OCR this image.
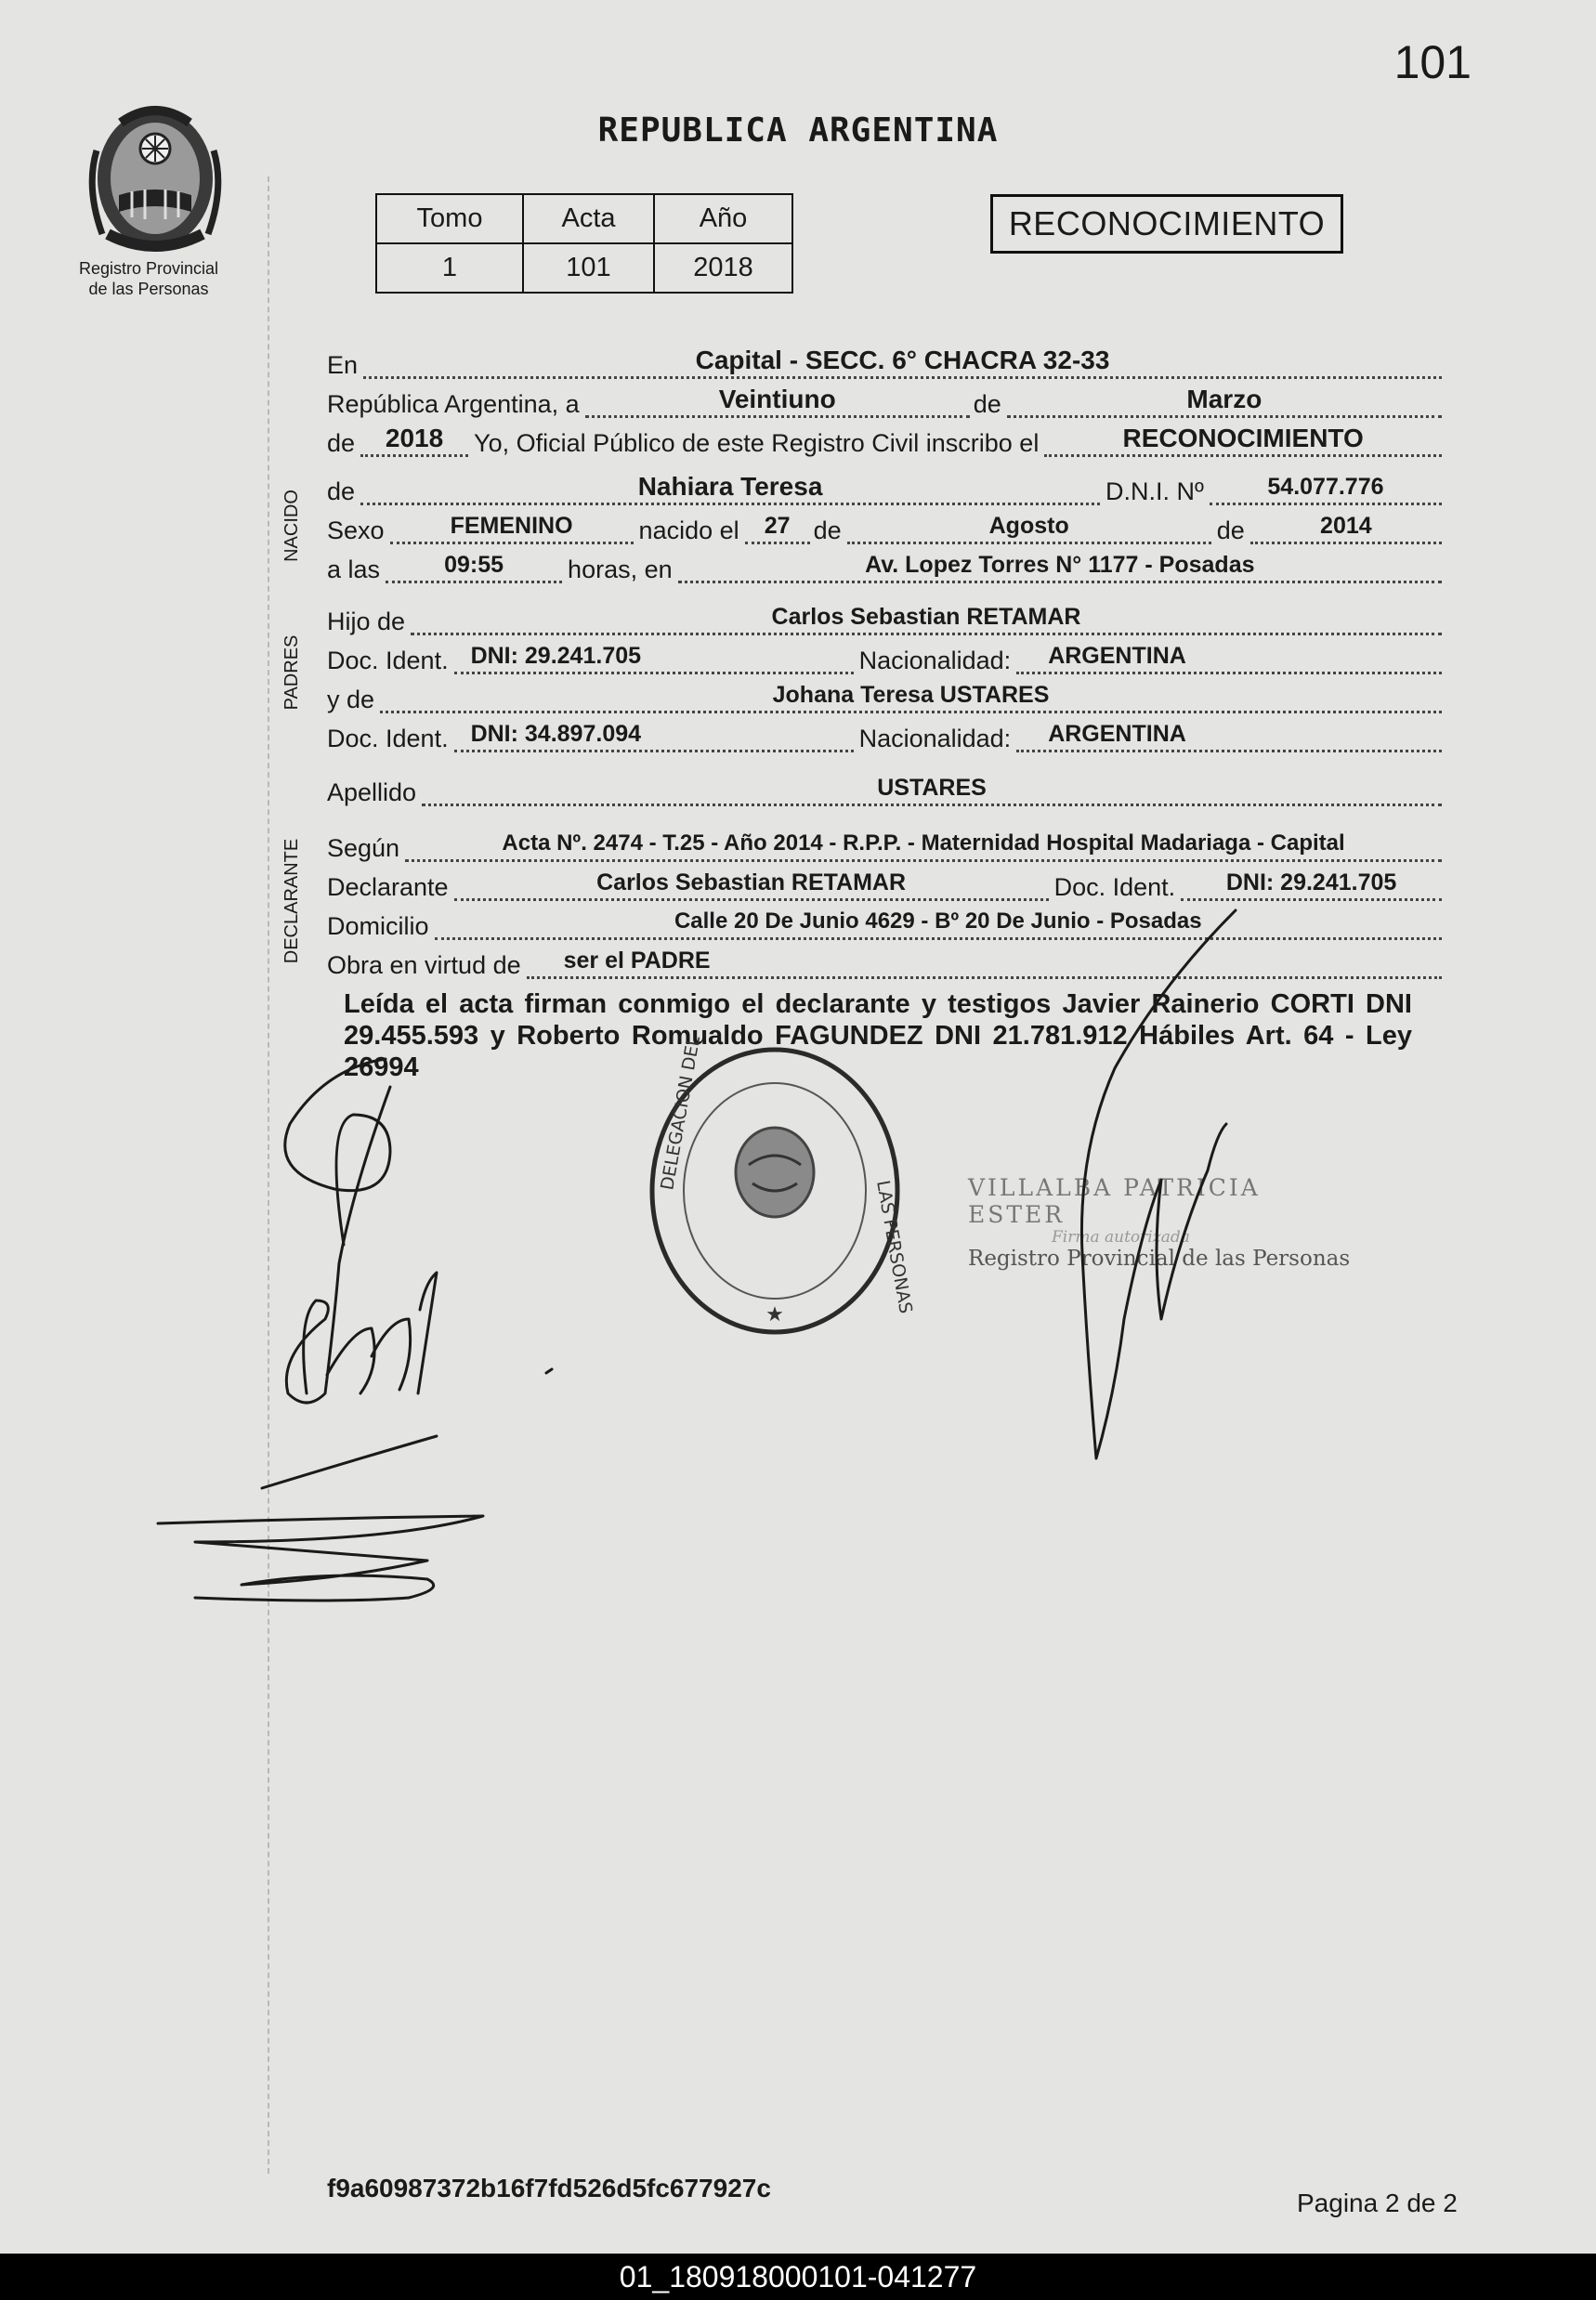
101
Registro Provincial
de las Personas
REPUBLICA ARGENTINA
Tomo	Acta	Año
1	101	2018
RECONOCIMIENTO
NACIDO
PADRES
DECLARANTE
En	Capital - SECC. 6° CHACRA 32-33
República Argentina, a	Veintiuno	de	Marzo
de	2018	Yo, Oficial Público de este Registro Civil inscribo el	RECONOCIMIENTO
de	Nahiara Teresa	D.N.I. Nº	54.077.776
Sexo	FEMENINO	nacido el	27 de	Agosto	de	2014
a las	09:55	horas, en	Av. Lopez Torres N° 1177 - Posadas
Hijo de	Carlos Sebastian RETAMAR
Doc. Ident. DNI: 29.241.705	Nacionalidad:	ARGENTINA
y de	Johana Teresa USTARES
Doc. Ident. DNI: 34.897.094	Nacionalidad:	ARGENTINA
Apellido	USTARES
Según	Acta Nº. 2474 - T.25 - Año 2014 - R.P.P. - Maternidad Hospital Madariaga - Capital
Declarante	Carlos Sebastian RETAMAR	Doc. Ident.	DNI: 29.241.705
Domicilio	Calle 20 De Junio 4629 - Bº 20 De Junio - Posadas
Obra en virtud de	ser el PADRE
Leída el acta firman conmigo el declarante y testigos Javier Rainerio CORTI DNI 29.455.593 y Roberto Romualdo FAGUNDEZ DNI 21.781.912 Hábiles Art. 64 - Ley 26994
★
DELEGACION DEL
LAS PERSONAS VILLALBA PATRICIA ESTER
Firma autorizada
Registro Provincial de las Personas
f9a60987372b16f7fd526d5fc677927c
Pagina 2 de 2
01_180918000101-041277
